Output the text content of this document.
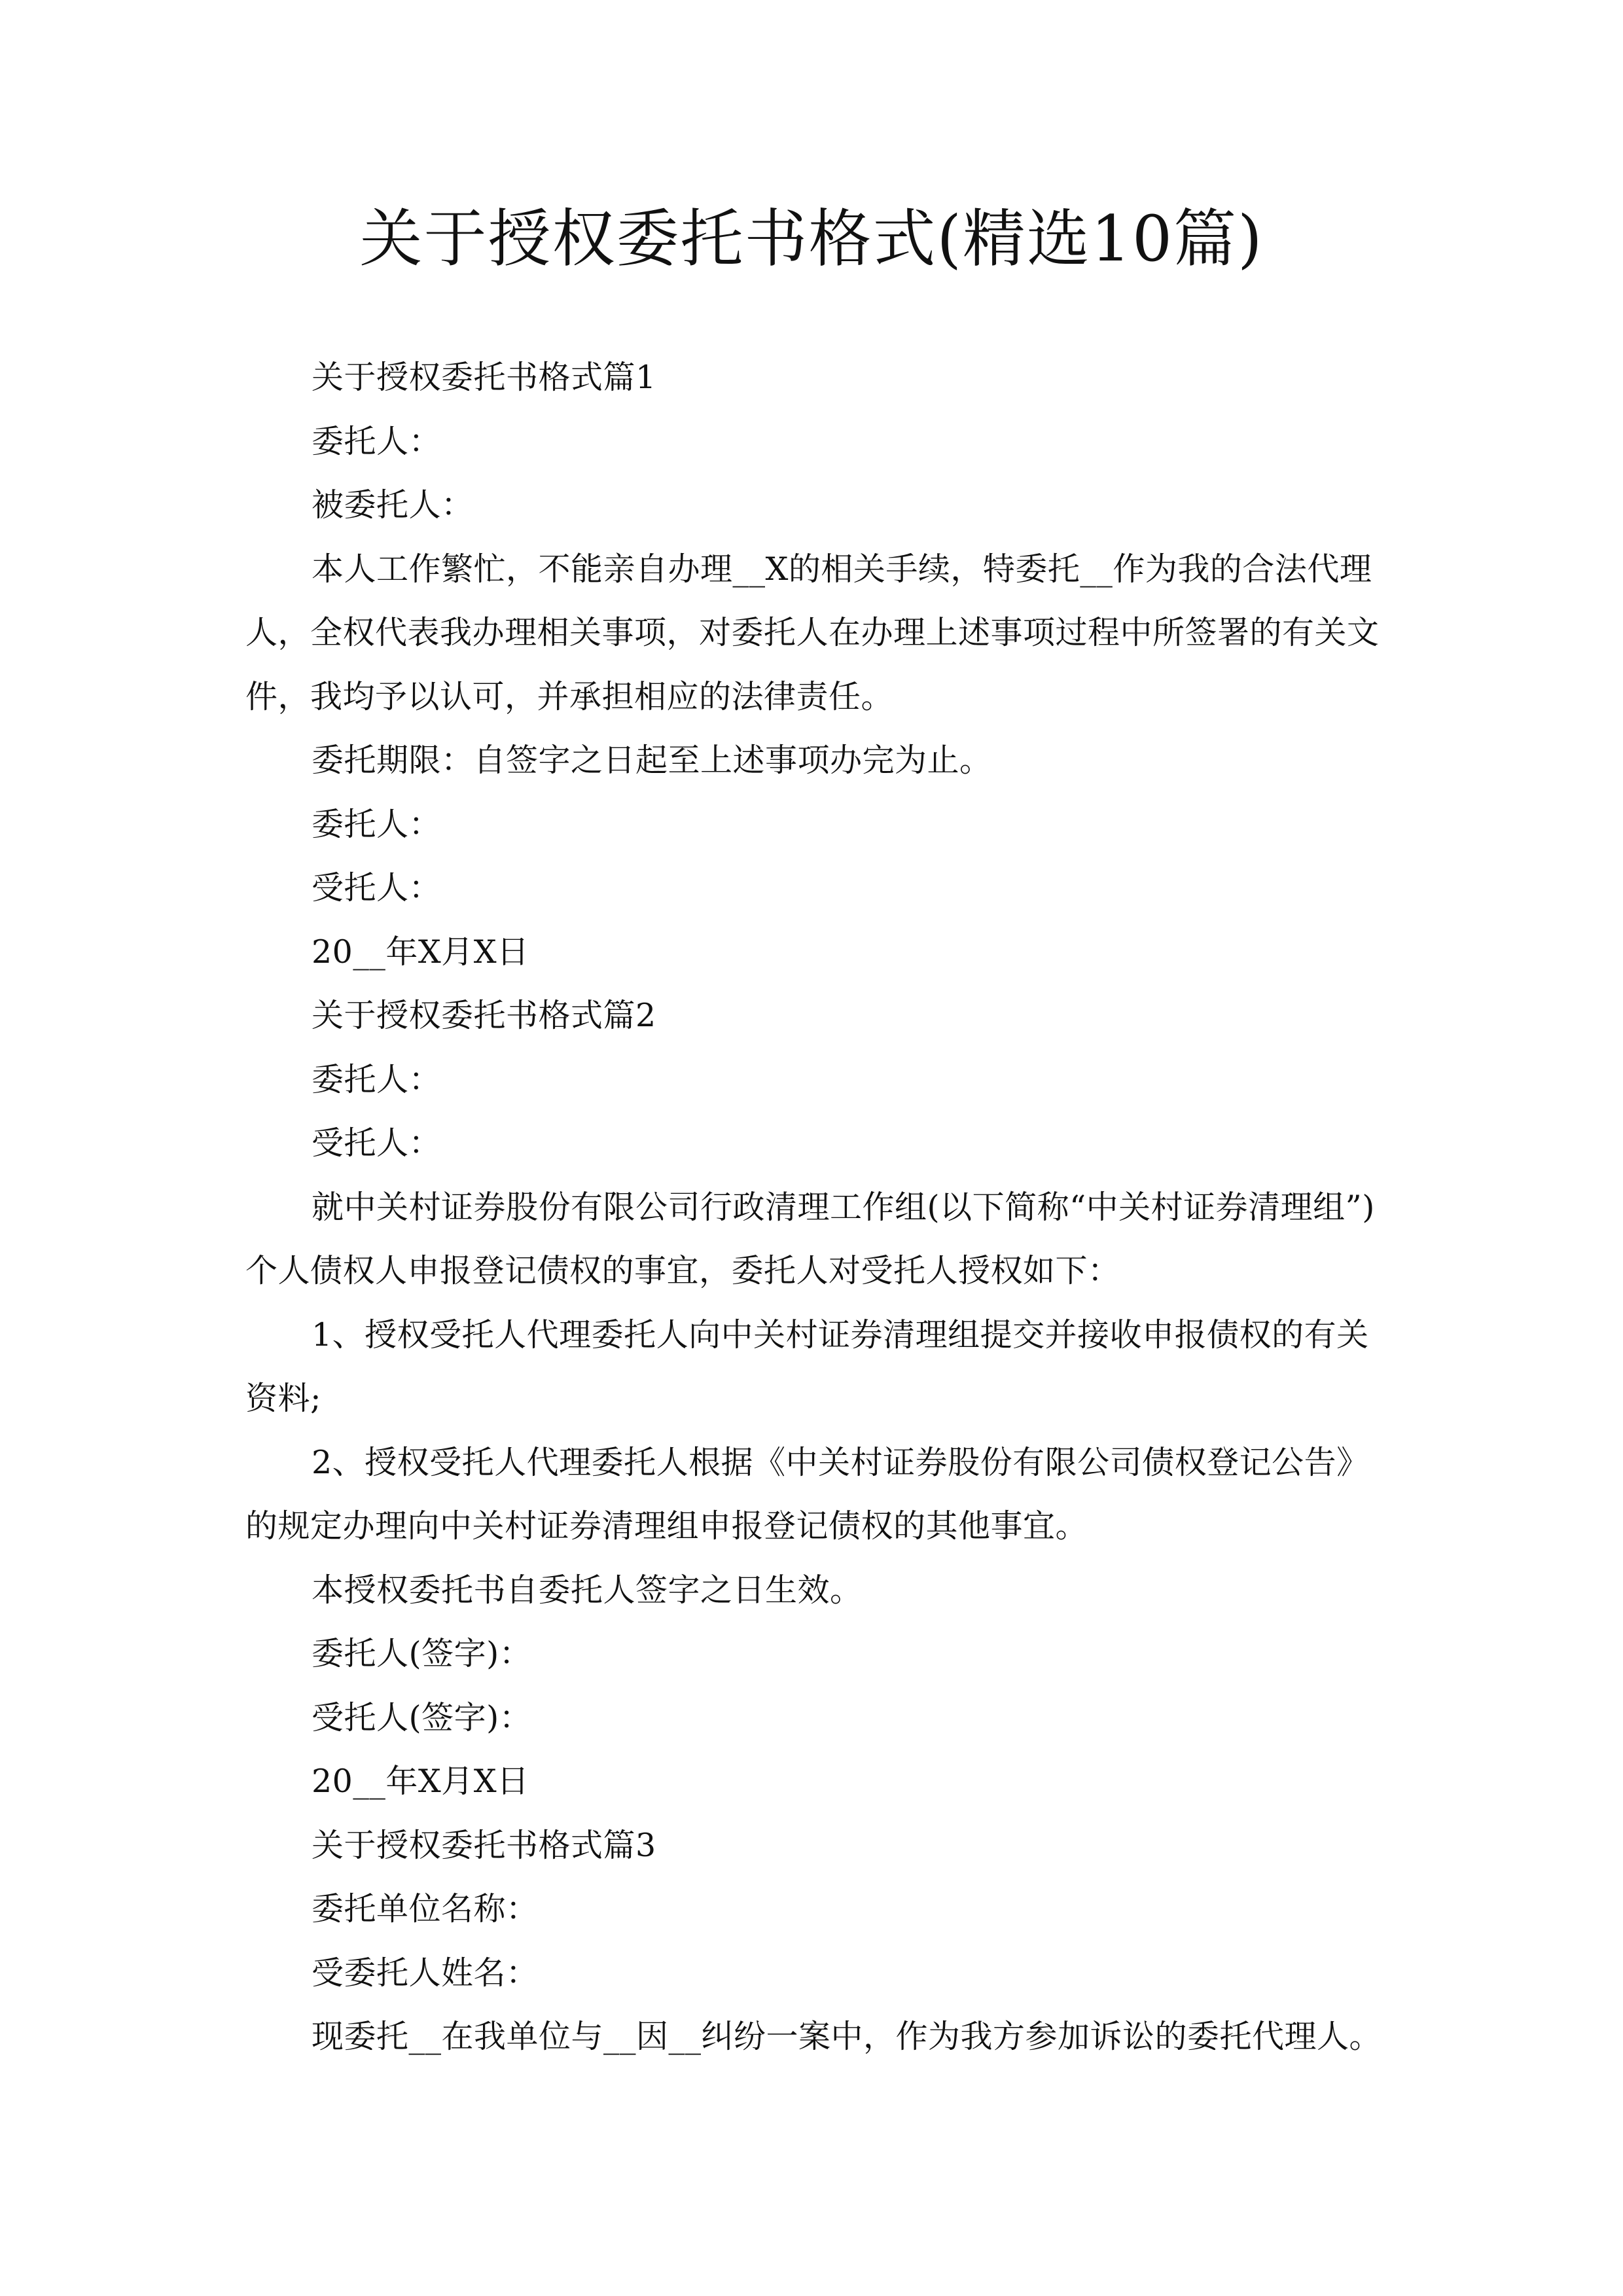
关于授权委托书格式(精选10篇)
关于授权委托书格式篇1
委托人：
被委托人：
本人工作繁忙，不能亲自办理__X的相关手续，特委托__作为我的合法代理
人，全权代表我办理相关事项，对委托人在办理上述事项过程中所签署的有关文
件，我均予以认可，并承担相应的法律责任。
委托期限：自签字之日起至上述事项办完为止。
委托人：
受托人：
20__年X月X日
关于授权委托书格式篇2
委托人：
受托人：
就中关村证券股份有限公司行政清理工作组(以下简称“中关村证券清理组”)
个人债权人申报登记债权的事宜，委托人对受托人授权如下：
1、授权受托人代理委托人向中关村证券清理组提交并接收申报债权的有关
资料;
2、授权受托人代理委托人根据《中关村证券股份有限公司债权登记公告》
的规定办理向中关村证券清理组申报登记债权的其他事宜。
本授权委托书自委托人签字之日生效。
委托人(签字)：
受托人(签字)：
20__年X月X日
关于授权委托书格式篇3
委托单位名称：
受委托人姓名：
现委托__在我单位与__因__纠纷一案中，作为我方参加诉讼的委托代理人。
